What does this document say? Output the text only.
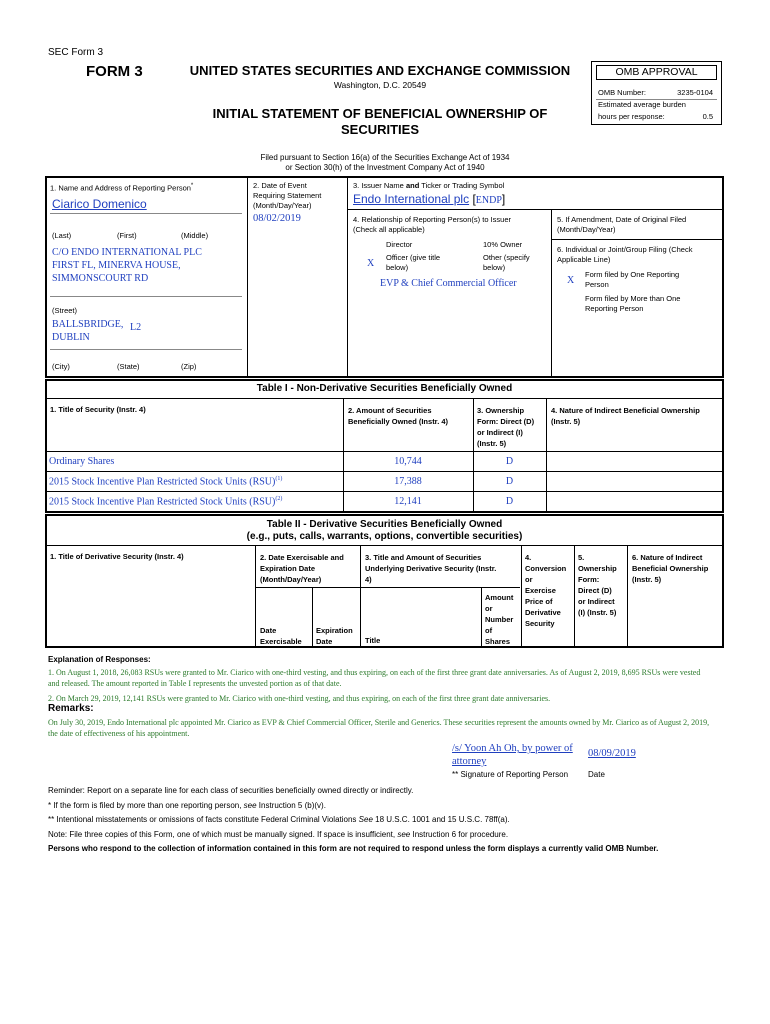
SEC Form 3
FORM 3	UNITED STATES SECURITIES AND EXCHANGE COMMISSION
Washington, D.C. 20549
INITIAL STATEMENT OF BENEFICIAL OWNERSHIP OF
SECURITIES
OMB APPROVAL
OMB Number:	3235-0104
Estimated average burden
hours per response:	0.5
Filed pursuant to Section 16(a) of the Securities Exchange Act of 1934
or Section 30(h) of the Investment Company Act of 1940
1. Name and Address of Reporting Person*
Ciarico Domenico
(Last)	(First)	(Middle)
C/O ENDO INTERNATIONAL PLC
FIRST FL, MINERVA HOUSE,
SIMMONSCOURT RD
(Street)
BALLSBRIDGE,
DUBLIN
L2
(City)	(State)	(Zip)
2. Date of Event
Requiring Statement
(Month/Day/Year)
08/02/2019
3. Issuer Name and Ticker or Trading Symbol
Endo International plc [ENDP]
4. Relationship of Reporting Person(s) to Issuer
(Check all applicable)
Director	10% Owner
X
Officer (give title
below)
Other (specify
below)
EVP & Chief Commercial Officer
5. If Amendment, Date of Original Filed
(Month/Day/Year)
6. Individual or Joint/Group Filing (Check
Applicable Line)
X
Form filed by One Reporting
Person
Form filed by More than One
Reporting Person
Table I - Non-Derivative Securities Beneficially Owned
1. Title of Security (Instr. 4)	2. Amount of Securities
Beneficially Owned (Instr. 4)
3. Ownership
Form: Direct (D)
or Indirect (I)
(Instr. 5)
4. Nature of Indirect Beneficial Ownership
(Instr. 5)
Ordinary Shares	10,744	D
2015 Stock Incentive Plan Restricted Stock Units (RSU)$^{(1)}$	17,388	D
2015 Stock Incentive Plan Restricted Stock Units (RSU)$^{(2)}$	12,141	D
Table II - Derivative Securities Beneficially Owned
(e.g., puts, calls, warrants, options, convertible securities)
1. Title of Derivative Security (Instr. 4)	2. Date Exercisable and
Expiration Date
(Month/Day/Year)
3. Title and Amount of Securities
Underlying Derivative Security (Instr.
4)
4.
Conversion
or
Exercise
Price of
Derivative
Security
5.
Ownership
Form:
Direct (D)
or Indirect
(I) (Instr. 5)
6. Nature of Indirect
Beneficial Ownership
(Instr. 5)
Date
Exercisable
Expiration
Date	Title
Amount
or
Number
of
Shares
Explanation of Responses:
1. On August 1, 2018, 26,083 RSUs were granted to Mr. Ciarico with one-third vesting, and thus expiring, on each of the first three grant date anniversaries. As of August 2, 2019, 8,695 RSUs were vested
and released. The amount reported in Table I represents the unvested portion as of that date.
2. On March 29, 2019, 12,141 RSUs were granted to Mr. Ciarico with one-third vesting, and thus expiring, on each of the first three grant date anniversaries.
Remarks:
On July 30, 2019, Endo International plc appointed Mr. Ciarico as EVP & Chief Commercial Officer, Sterile and Generics. These securities represent the amounts owned by Mr. Ciarico as of August 2, 2019,
the date of effectiveness of his appointment.
/s/ Yoon Ah Oh, by power of
attorney
08/09/2019
** Signature of Reporting Person Date
Reminder: Report on a separate line for each class of securities beneficially owned directly or indirectly.
* If the form is filed by more than one reporting person, see Instruction 5 (b)(v).
** Intentional misstatements or omissions of facts constitute Federal Criminal Violations See 18 U.S.C. 1001 and 15 U.S.C. 78ff(a).
Note: File three copies of this Form, one of which must be manually signed. If space is insufficient, see Instruction 6 for procedure.
Persons who respond to the collection of information contained in this form are not required to respond unless the form displays a currently valid OMB Number.
